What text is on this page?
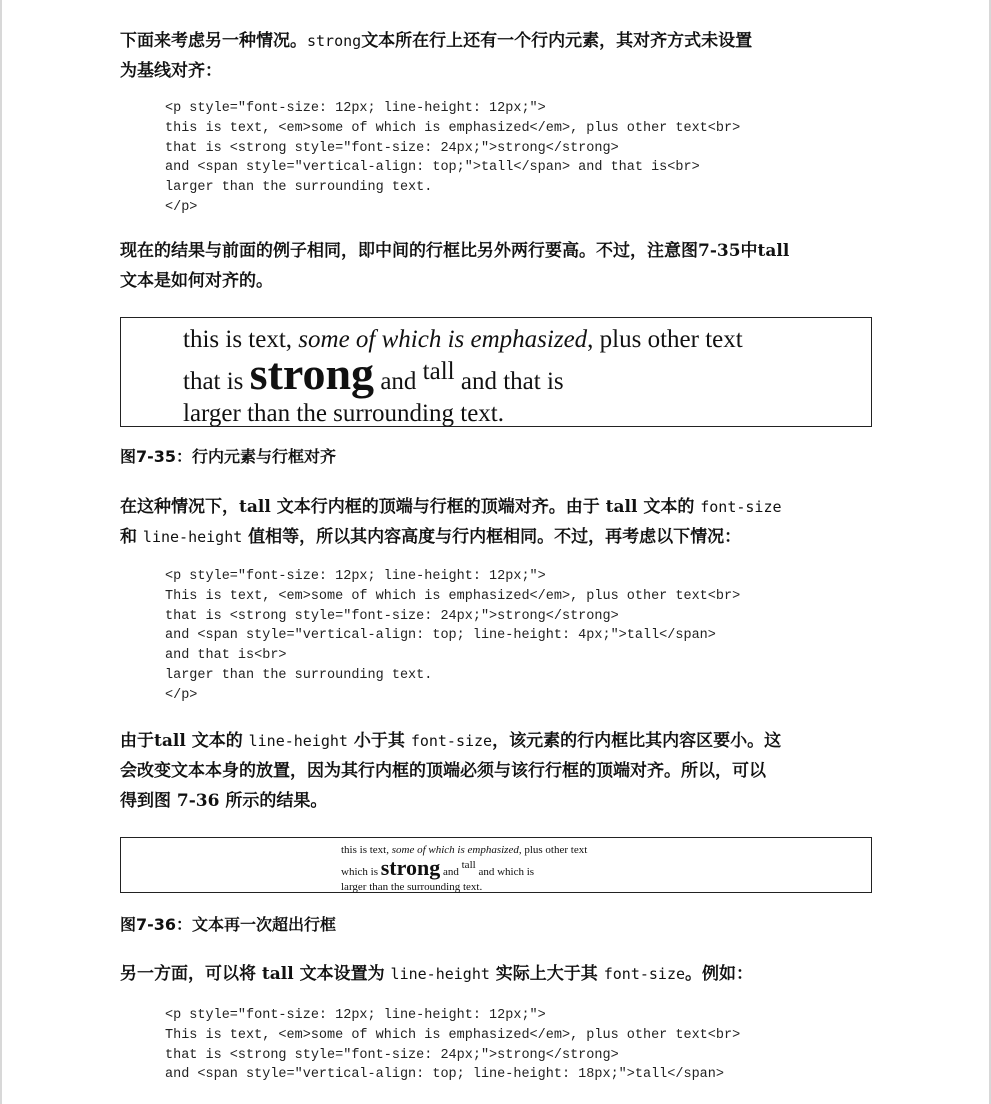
下面来考虑另一种情况。strong文本所在行上还有一个行内元素，其对齐方式未设置
为基线对齐：
<p style="font-size: 12px; line-height: 12px;">
this is text, <em>some of which is emphasized</em>, plus other text<br>
that is <strong style="font-size: 24px;">strong</strong>
and <span style="vertical-align: top;">tall</span> and that is<br>
larger than the surrounding text.
</p>
现在的结果与前面的例子相同，即中间的行框比另外两行要高。不过，注意图7-35中tall
文本是如何对齐的。
this is text, some of which is emphasized, plus other text
that is strong and tall and that is
larger than the surrounding text.
图7-35：行内元素与行框对齐
在这种情况下，tall 文本行内框的顶端与行框的顶端对齐。由于 tall 文本的 font-size
和 line-height 值相等，所以其内容高度与行内框相同。不过，再考虑以下情况：
<p style="font-size: 12px; line-height: 12px;">
This is text, <em>some of which is emphasized</em>, plus other text<br>
that is <strong style="font-size: 24px;">strong</strong>
and <span style="vertical-align: top; line-height: 4px;">tall</span>
and that is<br>
larger than the surrounding text.
</p>
由于tall 文本的 line-height 小于其 font-size，该元素的行内框比其内容区要小。这
会改变文本本身的放置，因为其行内框的顶端必须与该行行框的顶端对齐。所以，可以
得到图 7-36 所示的结果。
this is text, some of which is emphasized, plus other text
which is strong and tall and which is
larger than the surrounding text.
图7-36：文本再一次超出行框
另一方面，可以将 tall 文本设置为 line-height 实际上大于其 font-size。例如：
<p style="font-size: 12px; line-height: 12px;">
This is text, <em>some of which is emphasized</em>, plus other text<br>
that is <strong style="font-size: 24px;">strong</strong>
and <span style="vertical-align: top; line-height: 18px;">tall</span>
